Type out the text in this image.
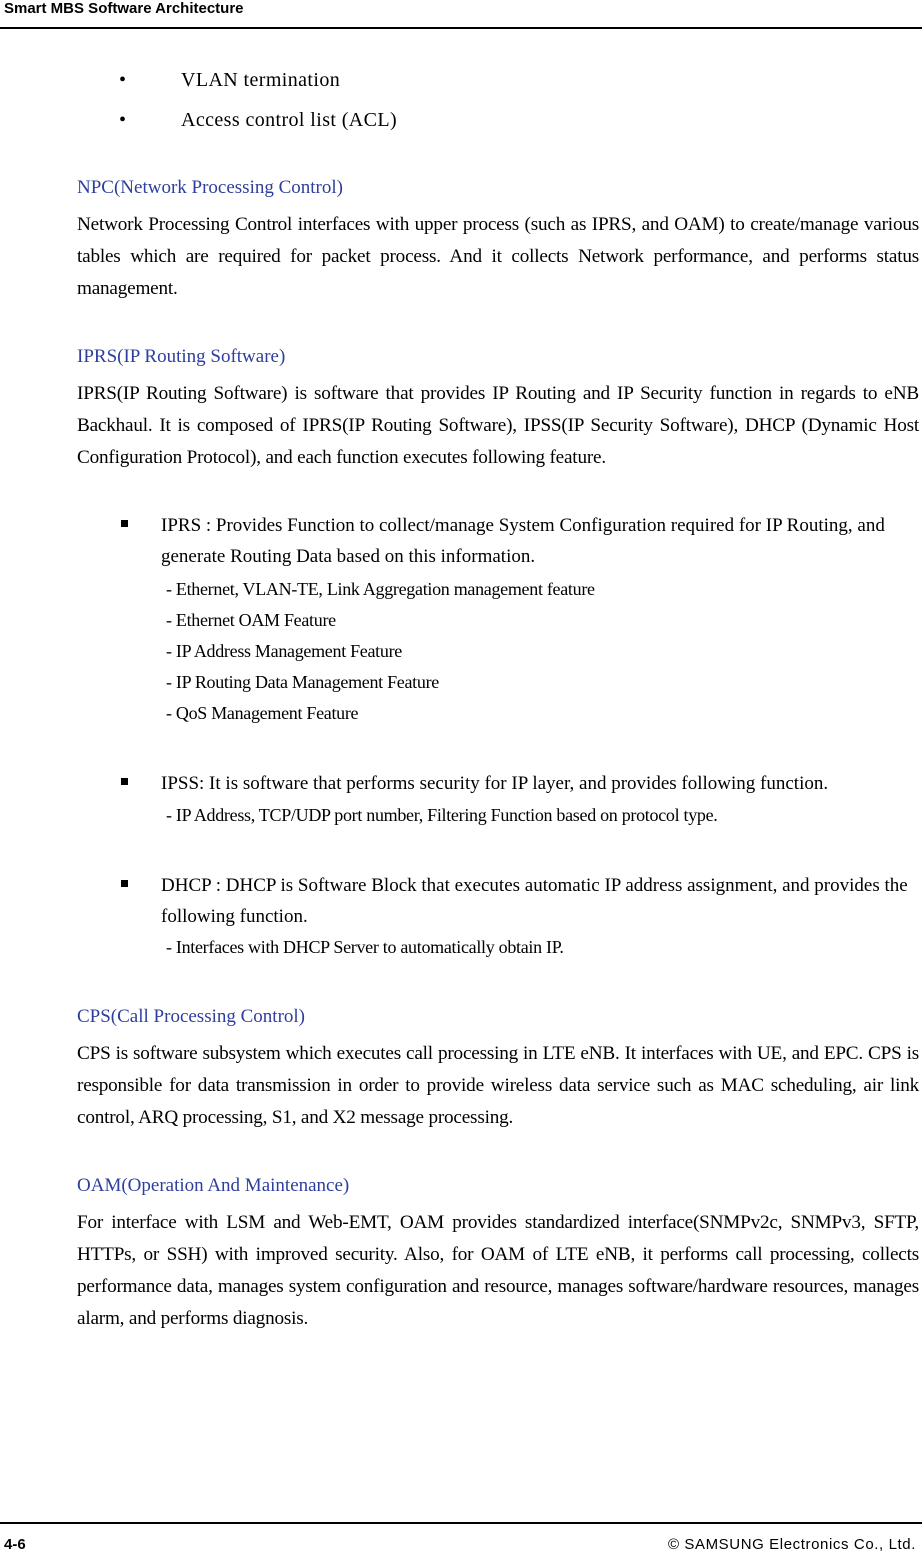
Smart MBS Software Architecture
•	VLAN termination
•	Access control list (ACL)
NPC(Network Processing Control)
Network Processing Control interfaces with upper process (such as IPRS, and OAM) to create/manage various tables which are required for packet process. And it collects Network performance, and performs status management.
IPRS(IP Routing Software)
IPRS(IP Routing Software) is software that provides IP Routing and IP Security function in regards to eNB Backhaul. It is composed of IPRS(IP Routing Software), IPSS(IP Security Software), DHCP (Dynamic Host Configuration Protocol), and each function executes following feature.
IPRS : Provides Function to collect/manage System Configuration required for IP Routing, and generate Routing Data based on this information.
- Ethernet, VLAN-TE, Link Aggregation management feature
- Ethernet OAM Feature
- IP Address Management Feature
- IP Routing Data Management Feature
- QoS Management Feature
IPSS: It is software that performs security for IP layer, and provides following function.
- IP Address, TCP/UDP port number, Filtering Function based on protocol type.
DHCP : DHCP is Software Block that executes automatic IP address assignment, and provides the following function.
- Interfaces with DHCP Server to automatically obtain IP.
CPS(Call Processing Control)
CPS is software subsystem which executes call processing in LTE eNB. It interfaces with UE, and EPC. CPS is responsible for data transmission in order to provide wireless data service such as MAC scheduling, air link control, ARQ processing, S1, and X2 message processing.
OAM(Operation And Maintenance)
For interface with LSM and Web-EMT, OAM provides standardized interface(SNMPv2c, SNMPv3, SFTP, HTTPs, or SSH) with improved security. Also, for OAM of LTE eNB, it performs call processing, collects performance data, manages system configuration and resource, manages software/hardware resources, manages alarm, and performs diagnosis.
4-6	© SAMSUNG Electronics Co., Ltd.
